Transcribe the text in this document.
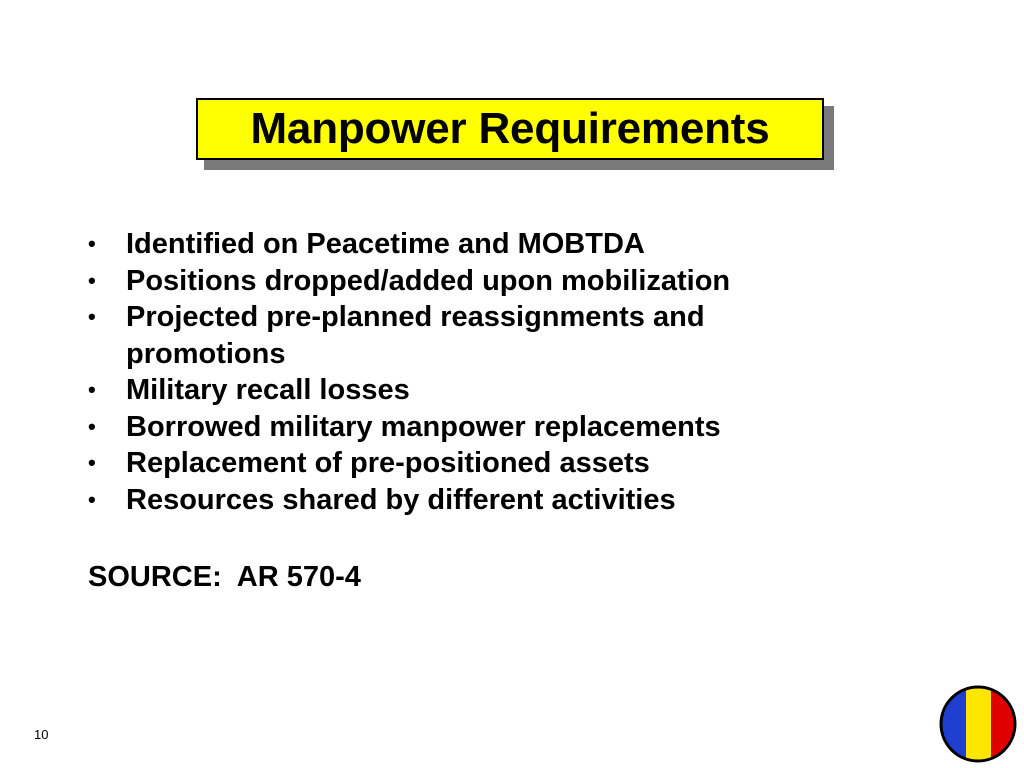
Manpower Requirements
• Identified on Peacetime and MOBTDA
• Positions dropped/added upon mobilization
• Projected pre-planned reassignments and promotions
• Military recall losses
• Borrowed military manpower replacements
• Replacement of pre-positioned assets
• Resources shared by different activities
SOURCE:  AR 570-4
10
